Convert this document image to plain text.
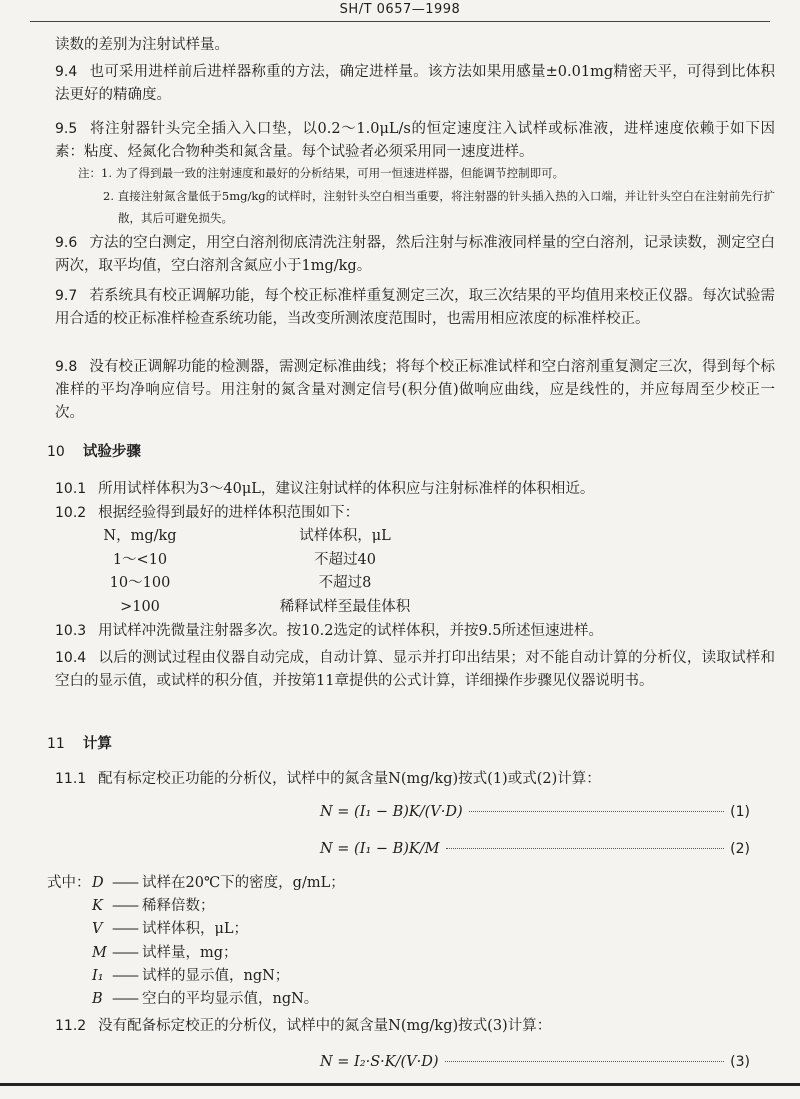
SH/T 0657—1998
读数的差别为注射试样量。
9.4 也可采用进样前后进样器称重的方法，确定进样量。该方法如果用感量±0.01mg精密天平，可得到比体积法更好的精确度。
9.5 将注射器针头完全插入入口垫，以0.2～1.0μL/s的恒定速度注入试样或标准液，进样速度依赖于如下因素：粘度、烃氮化合物种类和氮含量。每个试验者必须采用同一速度进样。
注：1. 为了得到最一致的注射速度和最好的分析结果，可用一恒速进样器，但能调节控制即可。
2. 直接注射氮含量低于5mg/kg的试样时，注射针头空白相当重要，将注射器的针头插入热的入口端，并让针头空白在注射前先行扩散，其后可避免损失。
9.6 方法的空白测定，用空白溶剂彻底清洗注射器，然后注射与标准液同样量的空白溶剂，记录读数，测定空白两次，取平均值，空白溶剂含氮应小于1mg/kg。
9.7 若系统具有校正调解功能，每个校正标准样重复测定三次，取三次结果的平均值用来校正仪器。每次试验需用合适的校正标准样检查系统功能，当改变所测浓度范围时，也需用相应浓度的标准样校正。
9.8 没有校正调解功能的检测器，需测定标准曲线；将每个校正标准试样和空白溶剂重复测定三次，得到每个标准样的平均净响应信号。用注射的氮含量对测定信号(积分值)做响应曲线，应是线性的，并应每周至少校正一次。
10 试验步骤
10.1 所用试样体积为3～40μL，建议注射试样的体积应与注射标准样的体积相近。
10.2 根据经验得到最好的进样体积范围如下：
N，mg/kg	试样体积，μL
1～<10	不超过40
10～100	不超过8
>100	稀释试样至最佳体积
10.3 用试样冲洗微量注射器多次。按10.2选定的试样体积，并按9.5所述恒速进样。
10.4 以后的测试过程由仪器自动完成，自动计算、显示并打印出结果；对不能自动计算的分析仪，读取试样和空白的显示值，或试样的积分值，并按第11章提供的公式计算，详细操作步骤见仪器说明书。
11 计算
11.1 配有标定校正功能的分析仪，试样中的氮含量N(mg/kg)按式(1)或式(2)计算：
N = (I₁ − B)K/(V·D)	(1)
N = (I₁ − B)K/M	(2)
式中： D —— 试样在20℃下的密度，g/mL；
K —— 稀释倍数；
V —— 试样体积，μL；
M —— 试样量，mg；
I₁ —— 试样的显示值，ngN；
B —— 空白的平均显示值，ngN。
11.2 没有配备标定校正的分析仪，试样中的氮含量N(mg/kg)按式(3)计算：
N = I₂·S·K/(V·D)	(3)
